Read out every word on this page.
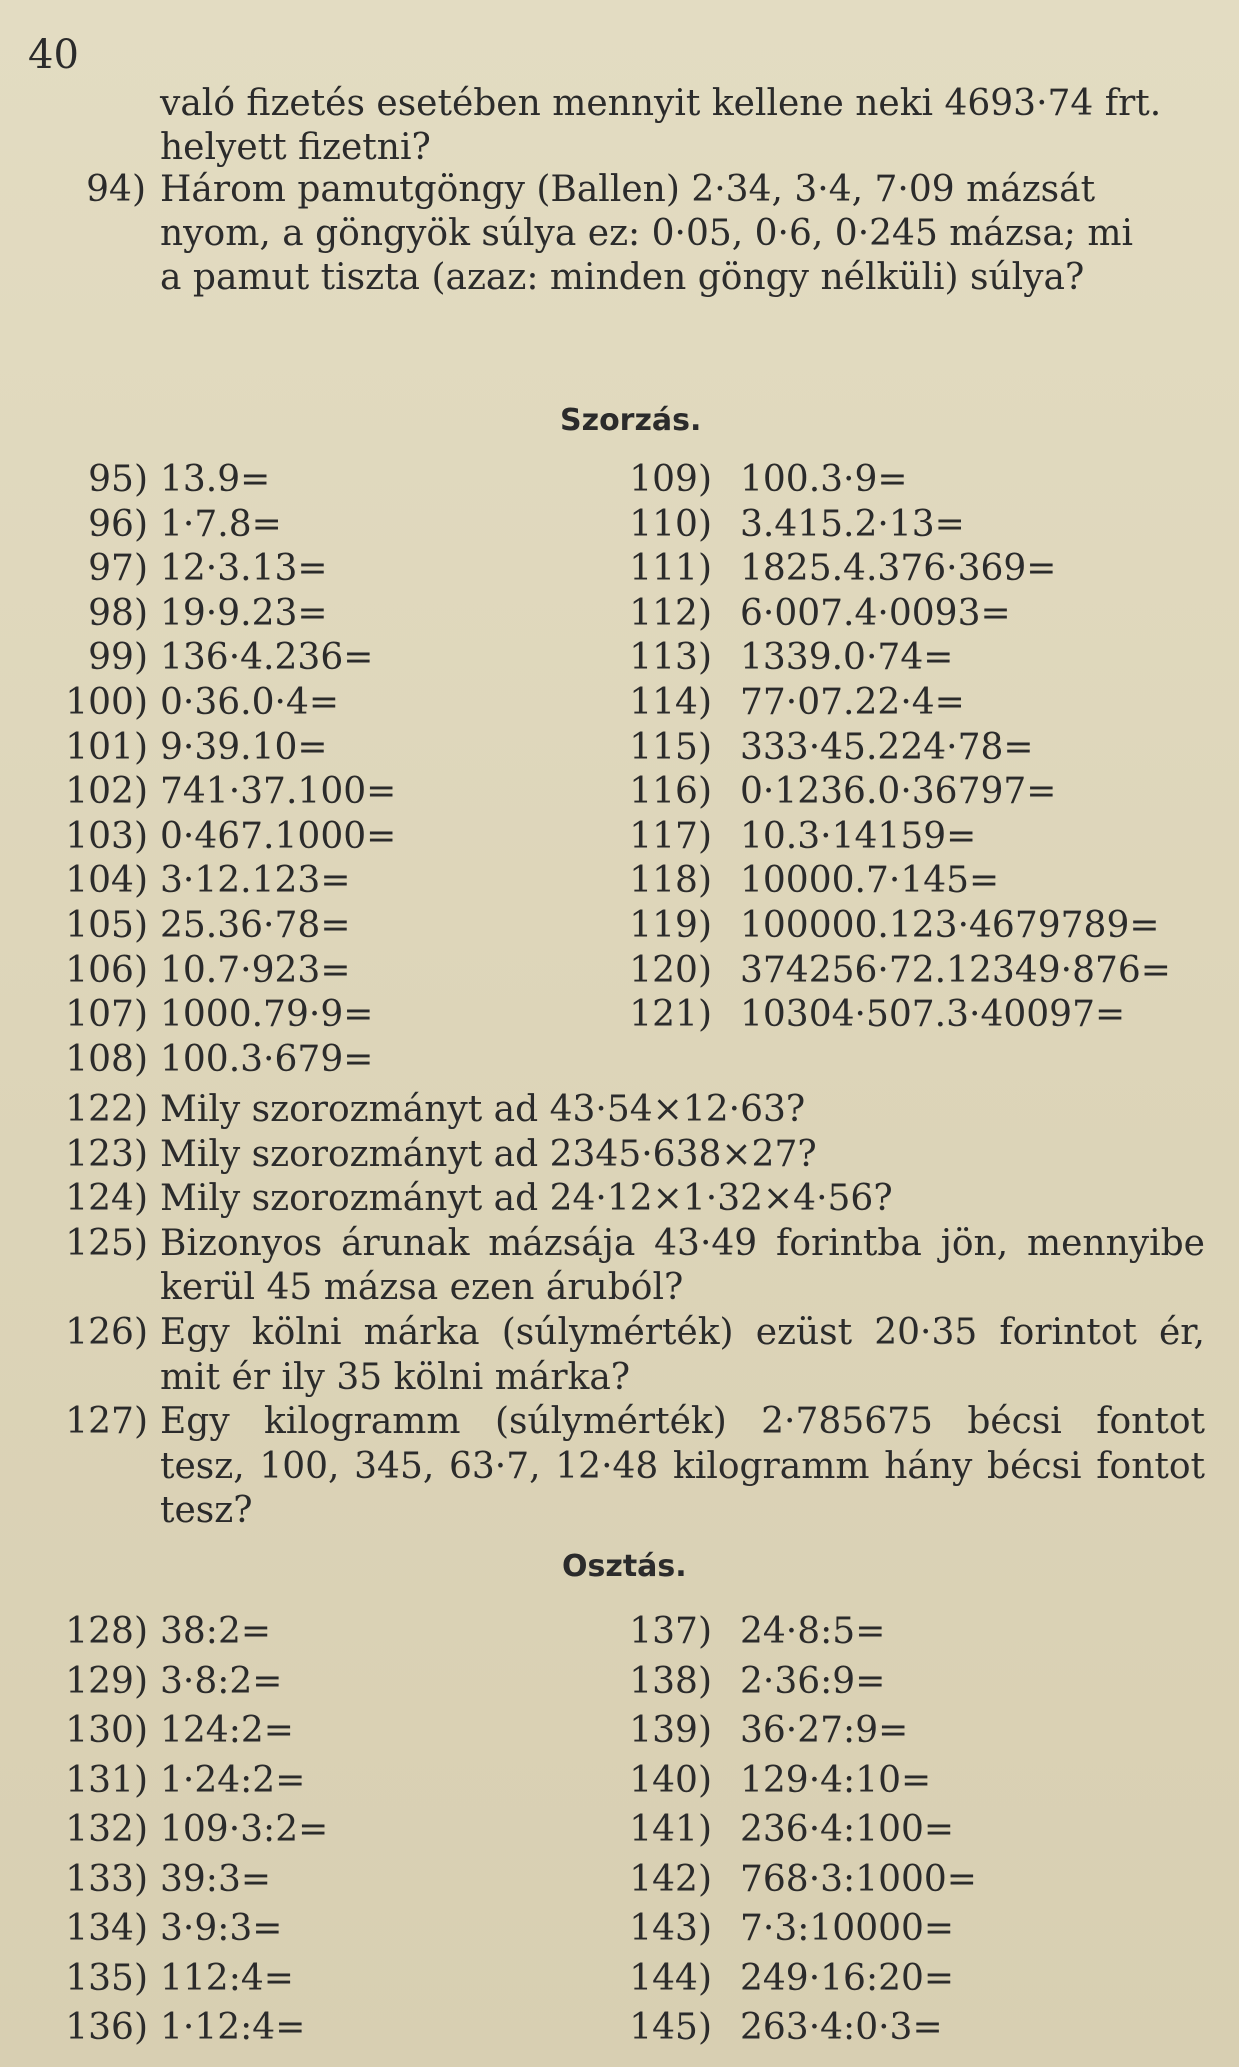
40
való fizetés esetében mennyit kellene neki 4693·74 frt.
helyett fizetni?
94) Három pamutgöngy (Ballen) 2·34, 3·4, 7·09 mázsát
nyom, a göngyök súlya ez: 0·05, 0·6, 0·245 mázsa; mi
a pamut tiszta (azaz: minden göngy nélküli) súlya?
Szorzás.
95) 13.9=
96) 1·7.8=
97) 12·3.13=
98) 19·9.23=
99) 136·4.236=
100) 0·36.0·4=
101) 9·39.10=
102) 741·37.100=
103) 0·467.1000=
104) 3·12.123=
105) 25.36·78=
106) 10.7·923=
107) 1000.79·9=
108) 100.3·679=
109) 100.3·9=
110) 3.415.2·13=
111) 1825.4.376·369=
112) 6·007.4·0093=
113) 1339.0·74=
114) 77·07.22·4=
115) 333·45.224·78=
116) 0·1236.0·36797=
117) 10.3·14159=
118) 10000.7·145=
119) 100000.123·4679789=
120) 374256·72.12349·876=
121) 10304·507.3·40097=
122) Mily szorozmányt ad 43·54×12·63?
123) Mily szorozmányt ad 2345·638×27?
124) Mily szorozmányt ad 24·12×1·32×4·56?
125) Bizonyos árunak mázsája 43·49 forintba jön, mennyibe
kerül 45 mázsa ezen áruból?
126) Egy kölni márka (súlymérték) ezüst 20·35 forintot ér,
mit ér ily 35 kölni márka?
127) Egy kilogramm (súlymérték) 2·785675 bécsi fontot
tesz, 100, 345, 63·7, 12·48 kilogramm hány bécsi fontot
tesz?
Osztás.
128) 38:2=
129) 3·8:2=
130) 124:2=
131) 1·24:2=
132) 109·3:2=
133) 39:3=
134) 3·9:3=
135) 112:4=
136) 1·12:4=
137) 24·8:5=
138) 2·36:9=
139) 36·27:9=
140) 129·4:10=
141) 236·4:100=
142) 768·3:1000=
143) 7·3:10000=
144) 249·16:20=
145) 263·4:0·3=
